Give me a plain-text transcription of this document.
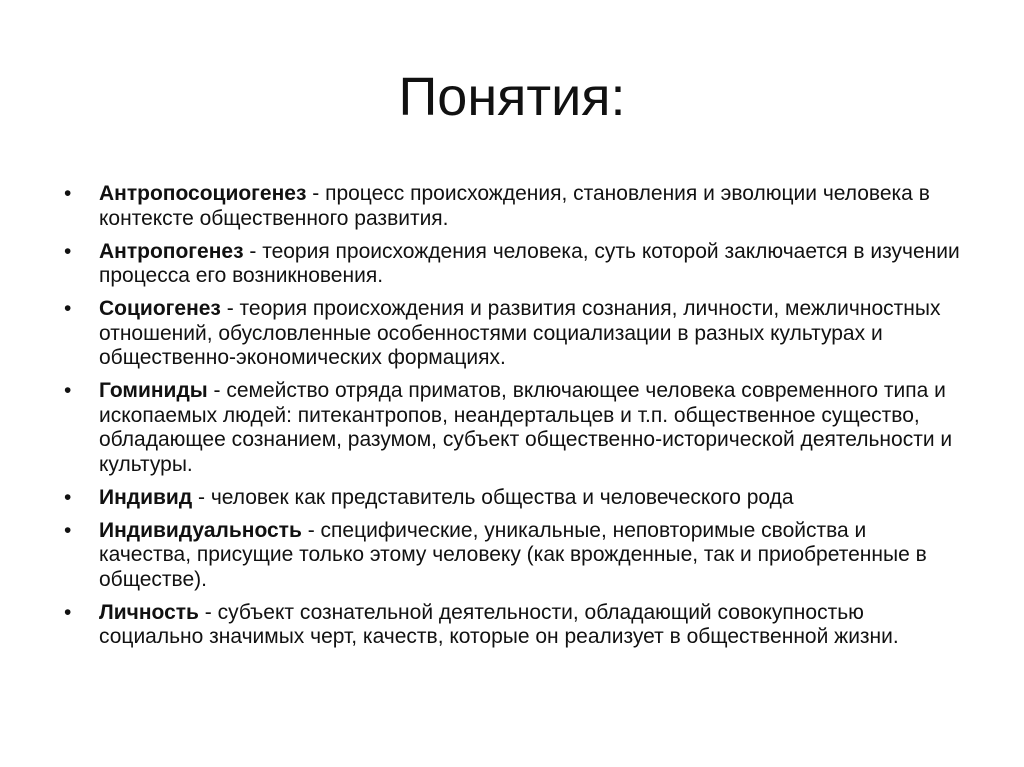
Понятия:
• Антропосоциогенез - процесс происхождения, становления и эволюции человека в контексте общественного развития.
• Антропогенез - теория происхождения человека, суть которой заключается в изучении процесса его возникновения.
• Социогенез - теория происхождения и развития сознания, личности, межличностных отношений, обусловленные особенностями социализации в разных культурах и общественно-экономических формациях.
• Гоминиды - семейство отряда приматов, включающее человека современного типа и ископаемых людей: питекантропов, неандертальцев и т.п. общественное существо, обладающее сознанием, разумом, субъект общественно-исторической деятельности и культуры.
• Индивид - человек как представитель общества и человеческого рода
• Индивидуальность - специфические, уникальные, неповторимые свойства и качества, присущие только этому человеку (как врожденные, так и приобретенные в обществе).
• Личность - субъект сознательной деятельности, обладающий совокупностью социально значимых черт, качеств, которые он реализует в общественной жизни.
